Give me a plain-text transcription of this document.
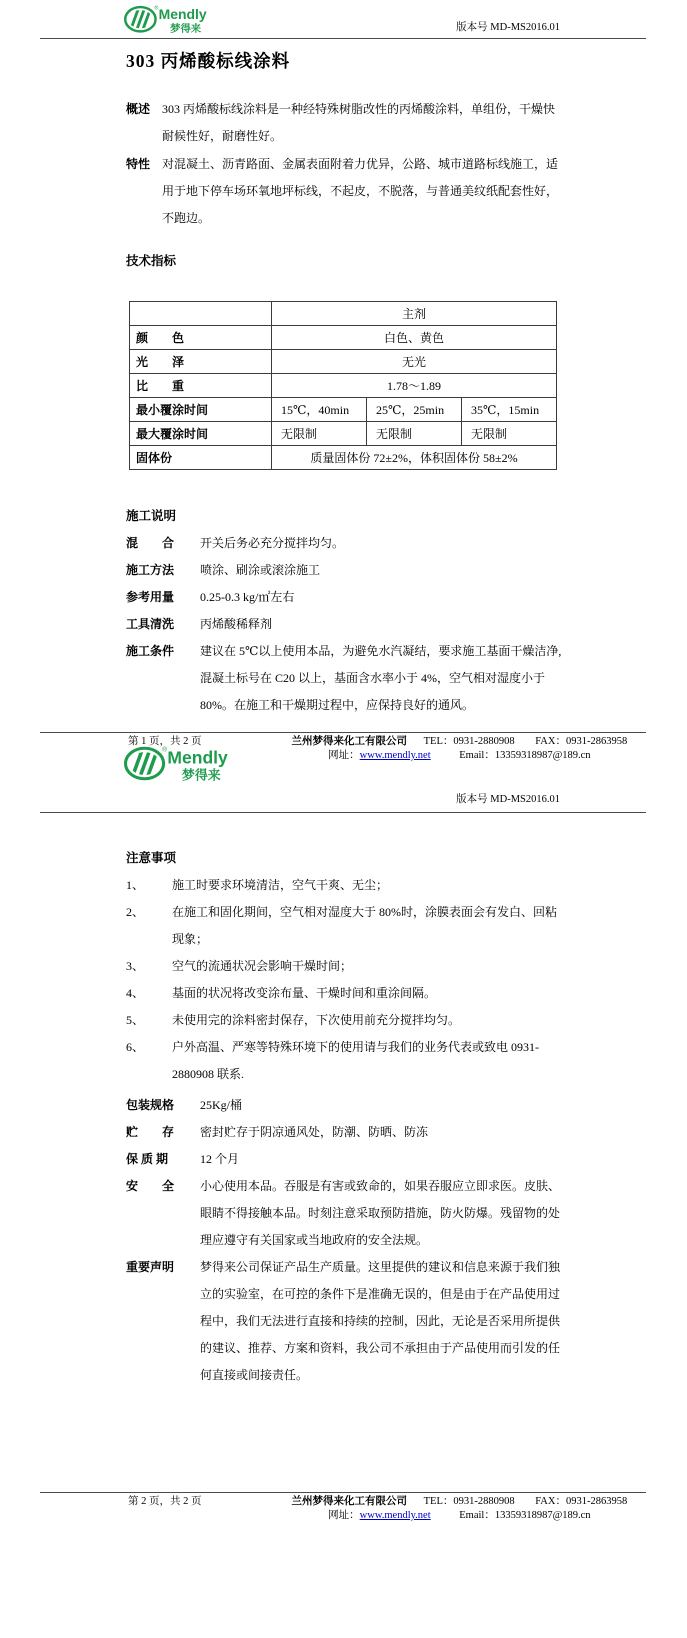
® Mendly
梦得来	版本号 MD-MS2016.01
303 丙烯酸标线涂料
概述 303 丙烯酸标线涂料是一种经特殊树脂改性的丙烯酸涂料，单组份，干燥快耐候性好，耐磨性好。
特性 对混凝土、沥青路面、金属表面附着力优异，公路、城市道路标线施工，适用于地下停车场环氧地坪标线，不起皮，不脱落，与普通美纹纸配套性好，不跑边。
技术指标
	主剂		
颜　　色	白色、黄色		
光　　泽	无光		
比　　重	1.78～1.89		
最小覆涂时间	15℃，40min	25℃，25min	35℃，15min
最大覆涂时间	无限制	无限制	无限制
固体份	质量固体份 72±2%，体积固体份 58±2%		
施工说明
混　　合	开关后务必充分搅拌均匀。
施工方法	喷涂、刷涂或滚涂施工
参考用量	0.25-0.3 kg/㎡左右
工具清洗	丙烯酸稀释剂
施工条件	建议在 5℃以上使用本品，为避免水汽凝结，要求施工基面干燥洁净, 混凝土标号在 C20 以上，基面含水率小于 4%，空气相对湿度小于 80%。在施工和干燥期过程中，应保持良好的通风。
第 1 页，共 2 页	兰州梦得来化工有限公司 TEL：0931-2880908 FAX：0931-2863958
网址：www.mendly.net	Email：13359318987@189.cn
® Mendly
梦得来
版本号 MD-MS2016.01
注意事项
1、	施工时要求环境清洁，空气干爽、无尘；
2、	在施工和固化期间，空气相对湿度大于 80%时，涂膜表面会有发白、回粘现象；
3、	空气的流通状况会影响干燥时间；
4、	基面的状况将改变涂布量、干燥时间和重涂间隔。
5、	未使用完的涂料密封保存，下次使用前充分搅拌均匀。
6、	户外高温、严寒等特殊环境下的使用请与我们的业务代表或致电 0931-2880908 联系.
包装规格	25Kg/桶
贮　　存	密封贮存于阴凉通风处，防潮、防晒、防冻
保 质 期	12 个月
安　　全	小心使用本品。吞服是有害或致命的，如果吞服应立即求医。皮肤、眼睛不得接触本品。时刻注意采取预防措施，防火防爆。残留物的处理应遵守有关国家或当地政府的安全法规。
重要声明	梦得来公司保证产品生产质量。这里提供的建议和信息来源于我们独立的实验室，在可控的条件下是准确无误的，但是由于在产品使用过程中，我们无法进行直接和持续的控制，因此，无论是否采用所提供的建议、推荐、方案和资料，我公司不承担由于产品使用而引发的任何直接或间接责任。
第 2 页，共 2 页	兰州梦得来化工有限公司 TEL：0931-2880908 FAX：0931-2863958
网址：www.mendly.net	Email：13359318987@189.cn
